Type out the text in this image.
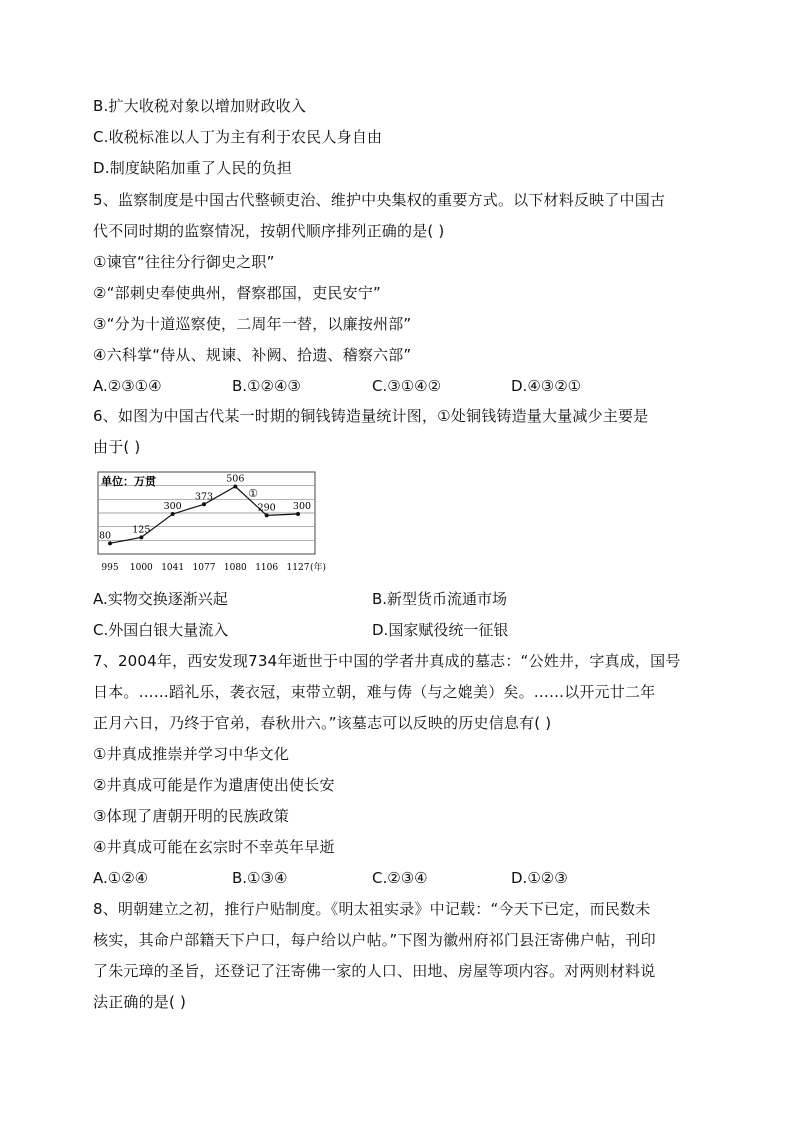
B.扩大收税对象以增加财政收入
C.收税标准以人丁为主有利于农民人身自由
D.制度缺陷加重了人民的负担
5、监察制度是中国古代整顿吏治、维护中央集权的重要方式。以下材料反映了中国古
代不同时期的监察情况，按朝代顺序排列正确的是( )
①谏官“往往分行御史之职”
②“部刺史奉使典州，督察郡国，吏民安宁”
③“分为十道巡察使，二周年一替，以廉按州部”
④六科掌“侍从、规谏、补阙、拾遗、稽察六部”
A.②③①④	B.①②④③	C.③①④②	D.④③②①
6、如图为中国古代某一时期的铜钱铸造量统计图，①处铜钱铸造量大量减少主要是
由于( )
单位：万贯
80
125
300
373
506
290 300
995 1000 1041 1077 1080 1106 1127 (年)
①
A.实物交换逐渐兴起	B.新型货币流通市场
C.外国白银大量流入	D.国家赋役统一征银
7、2004年，西安发现734年逝世于中国的学者井真成的墓志：“公姓井，字真成，国号
日本。……蹈礼乐，袭衣冠，束带立朝，难与俦（与之媲美）矣。……以开元廿二年
正月六日，乃终于官弟，春秋卅六。”该墓志可以反映的历史信息有( )
①井真成推崇并学习中华文化
②井真成可能是作为遣唐使出使长安
③体现了唐朝开明的民族政策
④井真成可能在玄宗时不幸英年早逝
A.①②④	B.①③④	C.②③④	D.①②③
8、明朝建立之初，推行户贴制度。《明太祖实录》中记载：“今天下已定，而民数未
核实，其命户部籍天下户口，每户给以户帖。”下图为徽州府祁门县汪寄佛户帖，刊印
了朱元璋的圣旨，还登记了汪寄佛一家的人口、田地、房屋等项内容。对两则材料说
法正确的是( )
